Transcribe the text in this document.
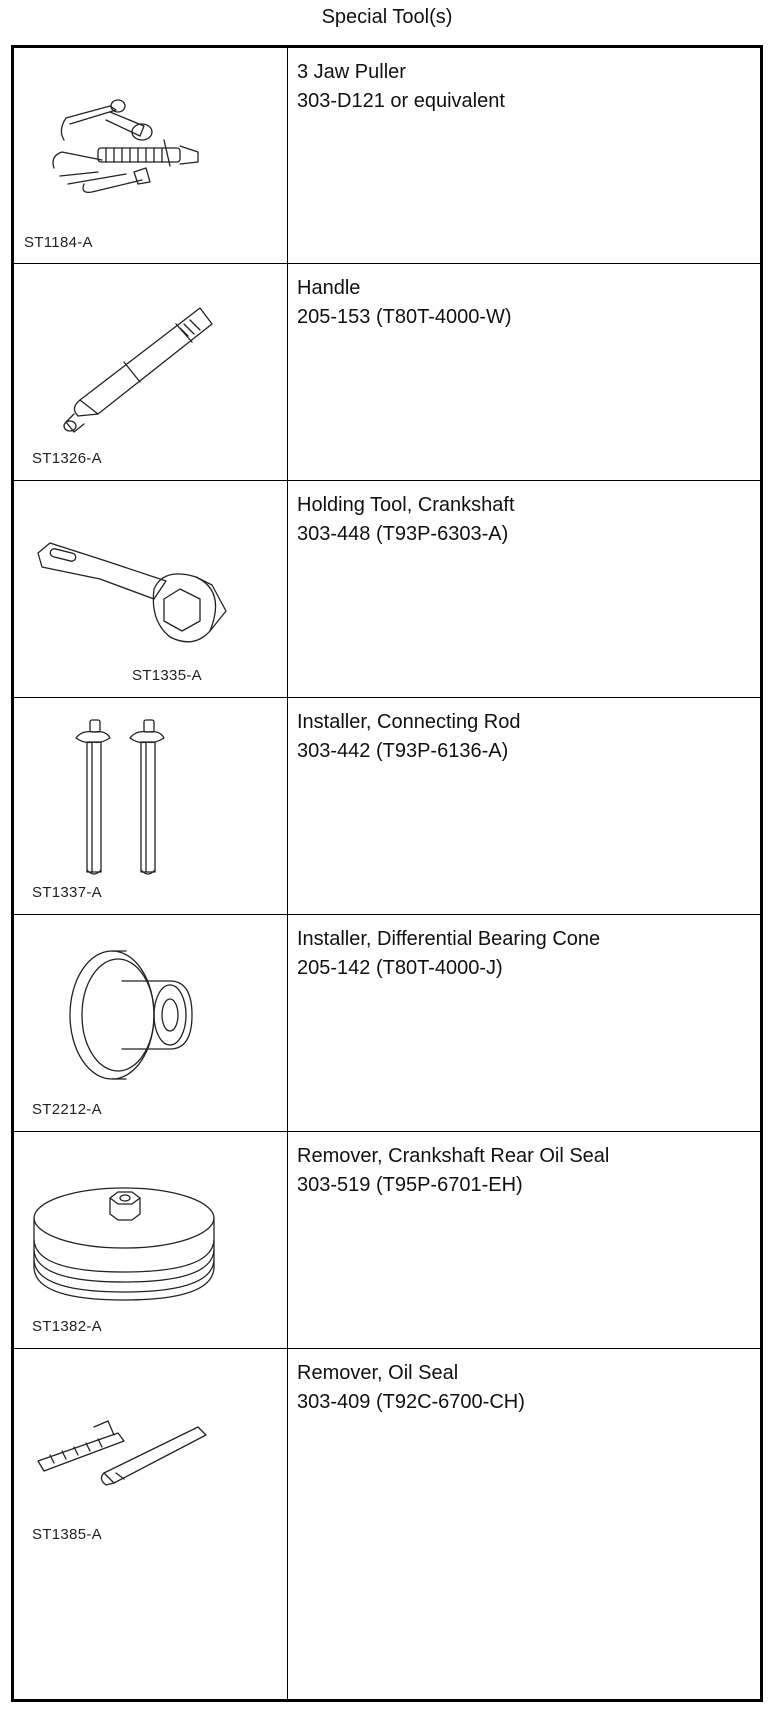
Special Tool(s)
ST1184-A
3 Jaw Puller
303-D121 or equivalent
ST1326-A
Handle
205-153 (T80T-4000-W)
ST1335-A
Holding Tool, Crankshaft
303-448 (T93P-6303-A)
ST1337-A
Installer, Connecting Rod
303-442 (T93P-6136-A)
ST2212-A
Installer, Differential Bearing Cone
205-142 (T80T-4000-J)
ST1382-A
Remover, Crankshaft Rear Oil Seal
303-519 (T95P-6701-EH)
ST1385-A
Remover, Oil Seal
303-409 (T92C-6700-CH)
